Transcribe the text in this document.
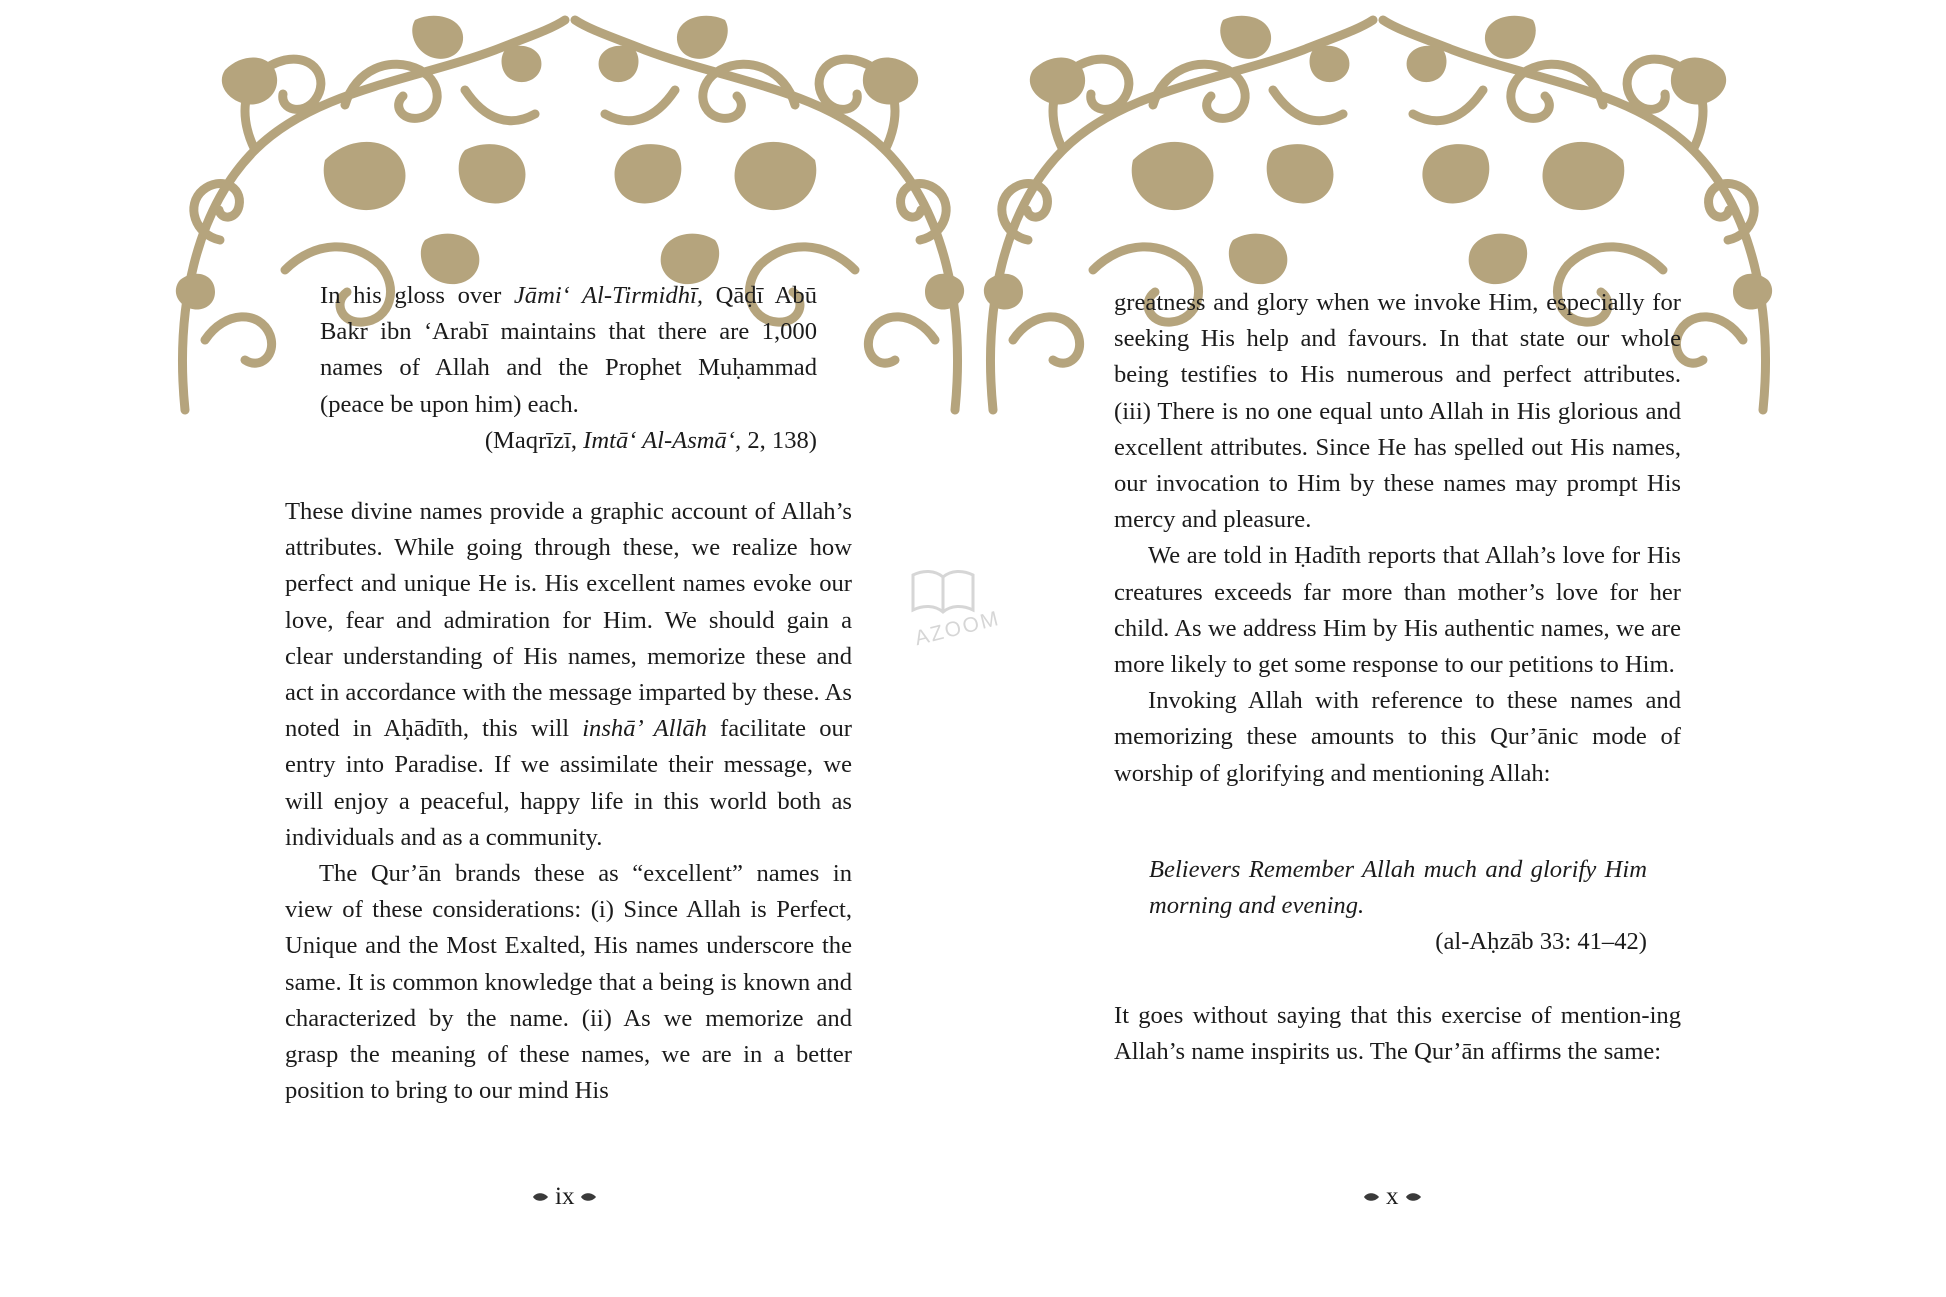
In his gloss over Jāmi‘ Al-Tirmidhī, Qāḍī Abū
Bakr ibn ‘Arabī maintains that there are 1,000
names of Allah and the Prophet Muḥammad
(peace be upon him) each.

(Maqrīzī, Imtā‘ Al-Asmā‘, 2, 138)

These divine names provide a graphic account of Allah’s attributes. While going through these, we realize how perfect and unique He is. His excellent names evoke our love, fear and admiration for Him. We should gain a clear understanding of His names, memorize these and act in accordance with the message imparted by these. As noted in Aḥādīth, this will inshā’ Allāh facilitate our entry into Paradise. If we assimilate their message, we will enjoy a peaceful, happy life in this world both as individuals and as a community.

The Qur’ān brands these as “excellent” names in view of these considerations: (i) Since Allah is Perfect, Unique and the Most Exalted, His names underscore the same. It is common knowledge that a being is known and characterized by the name. (ii) As we memorize and grasp the meaning of these names, we are in a better position to bring to our mind His

ix
AZOOM

greatness and glory when we invoke Him, especially for seeking His help and favours. In that state our whole being testifies to His numerous and perfect attributes. (iii) There is no one equal unto Allah in His glorious and excellent attributes. Since He has spelled out His names, our invocation to Him by these names may prompt His mercy and pleasure.

We are told in Ḥadīth reports that Allah’s love for His creatures exceeds far more than mother’s love for her child. As we address Him by His authentic names, we are more likely to get some response to our petitions to Him.

Invoking Allah with reference to these names and memorizing these amounts to this Qur’ānic mode of worship of glorifying and mentioning Allah:

Believers Remember Allah much and glorify Him morning and evening.

(al-Aḥzāb 33: 41–42)

It goes without saying that this exercise of mention-ing Allah’s name inspirits us. The Qur’ān affirms the same:

x
